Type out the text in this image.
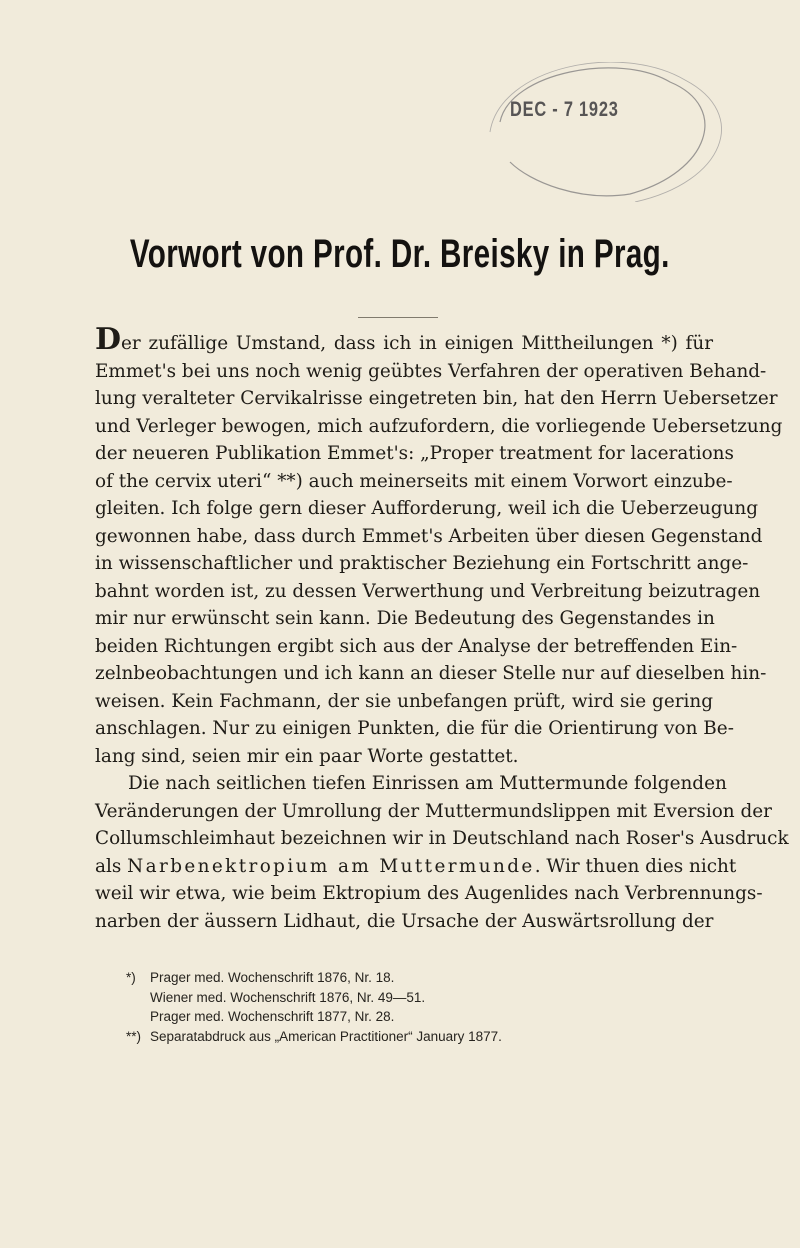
DEC - 7 1923
Vorwort von Prof. Dr. Breisky in Prag.

Der zufällige Umstand, dass ich in einigen Mittheilungen *) für
Emmet's bei uns noch wenig geübtes Verfahren der operativen Behand-
lung veralteter Cervikalrisse eingetreten bin, hat den Herrn Uebersetzer
und Verleger bewogen, mich aufzufordern, die vorliegende Uebersetzung
der neueren Publikation Emmet's: „Proper treatment for lacerations
of the cervix uteri“ **) auch meinerseits mit einem Vorwort einzube-
gleiten. Ich folge gern dieser Aufforderung, weil ich die Ueberzeugung
gewonnen habe, dass durch Emmet's Arbeiten über diesen Gegenstand
in wissenschaftlicher und praktischer Beziehung ein Fortschritt ange-
bahnt worden ist, zu dessen Verwerthung und Verbreitung beizutragen
mir nur erwünscht sein kann. Die Bedeutung des Gegenstandes in
beiden Richtungen ergibt sich aus der Analyse der betreffenden Ein-
zelnbeobachtungen und ich kann an dieser Stelle nur auf dieselben hin-
weisen. Kein Fachmann, der sie unbefangen prüft, wird sie gering
anschlagen. Nur zu einigen Punkten, die für die Orientirung von Be-
lang sind, seien mir ein paar Worte gestattet.

Die nach seitlichen tiefen Einrissen am Muttermunde folgenden
Veränderungen der Umrollung der Muttermundslippen mit Eversion der
Collumschleimhaut bezeichnen wir in Deutschland nach Roser's Ausdruck
als Narbenektropium am Muttermunde. Wir thuen dies nicht
weil wir etwa, wie beim Ektropium des Augenlides nach Verbrennungs-
narben der äussern Lidhaut, die Ursache der Auswärtsrollung der

*) Prager med. Wochenschrift 1876, Nr. 18.
Wiener med. Wochenschrift 1876, Nr. 49—51.
Prager med. Wochenschrift 1877, Nr. 28.
**) Separatabdruck aus „American Practitioner“ January 1877.
